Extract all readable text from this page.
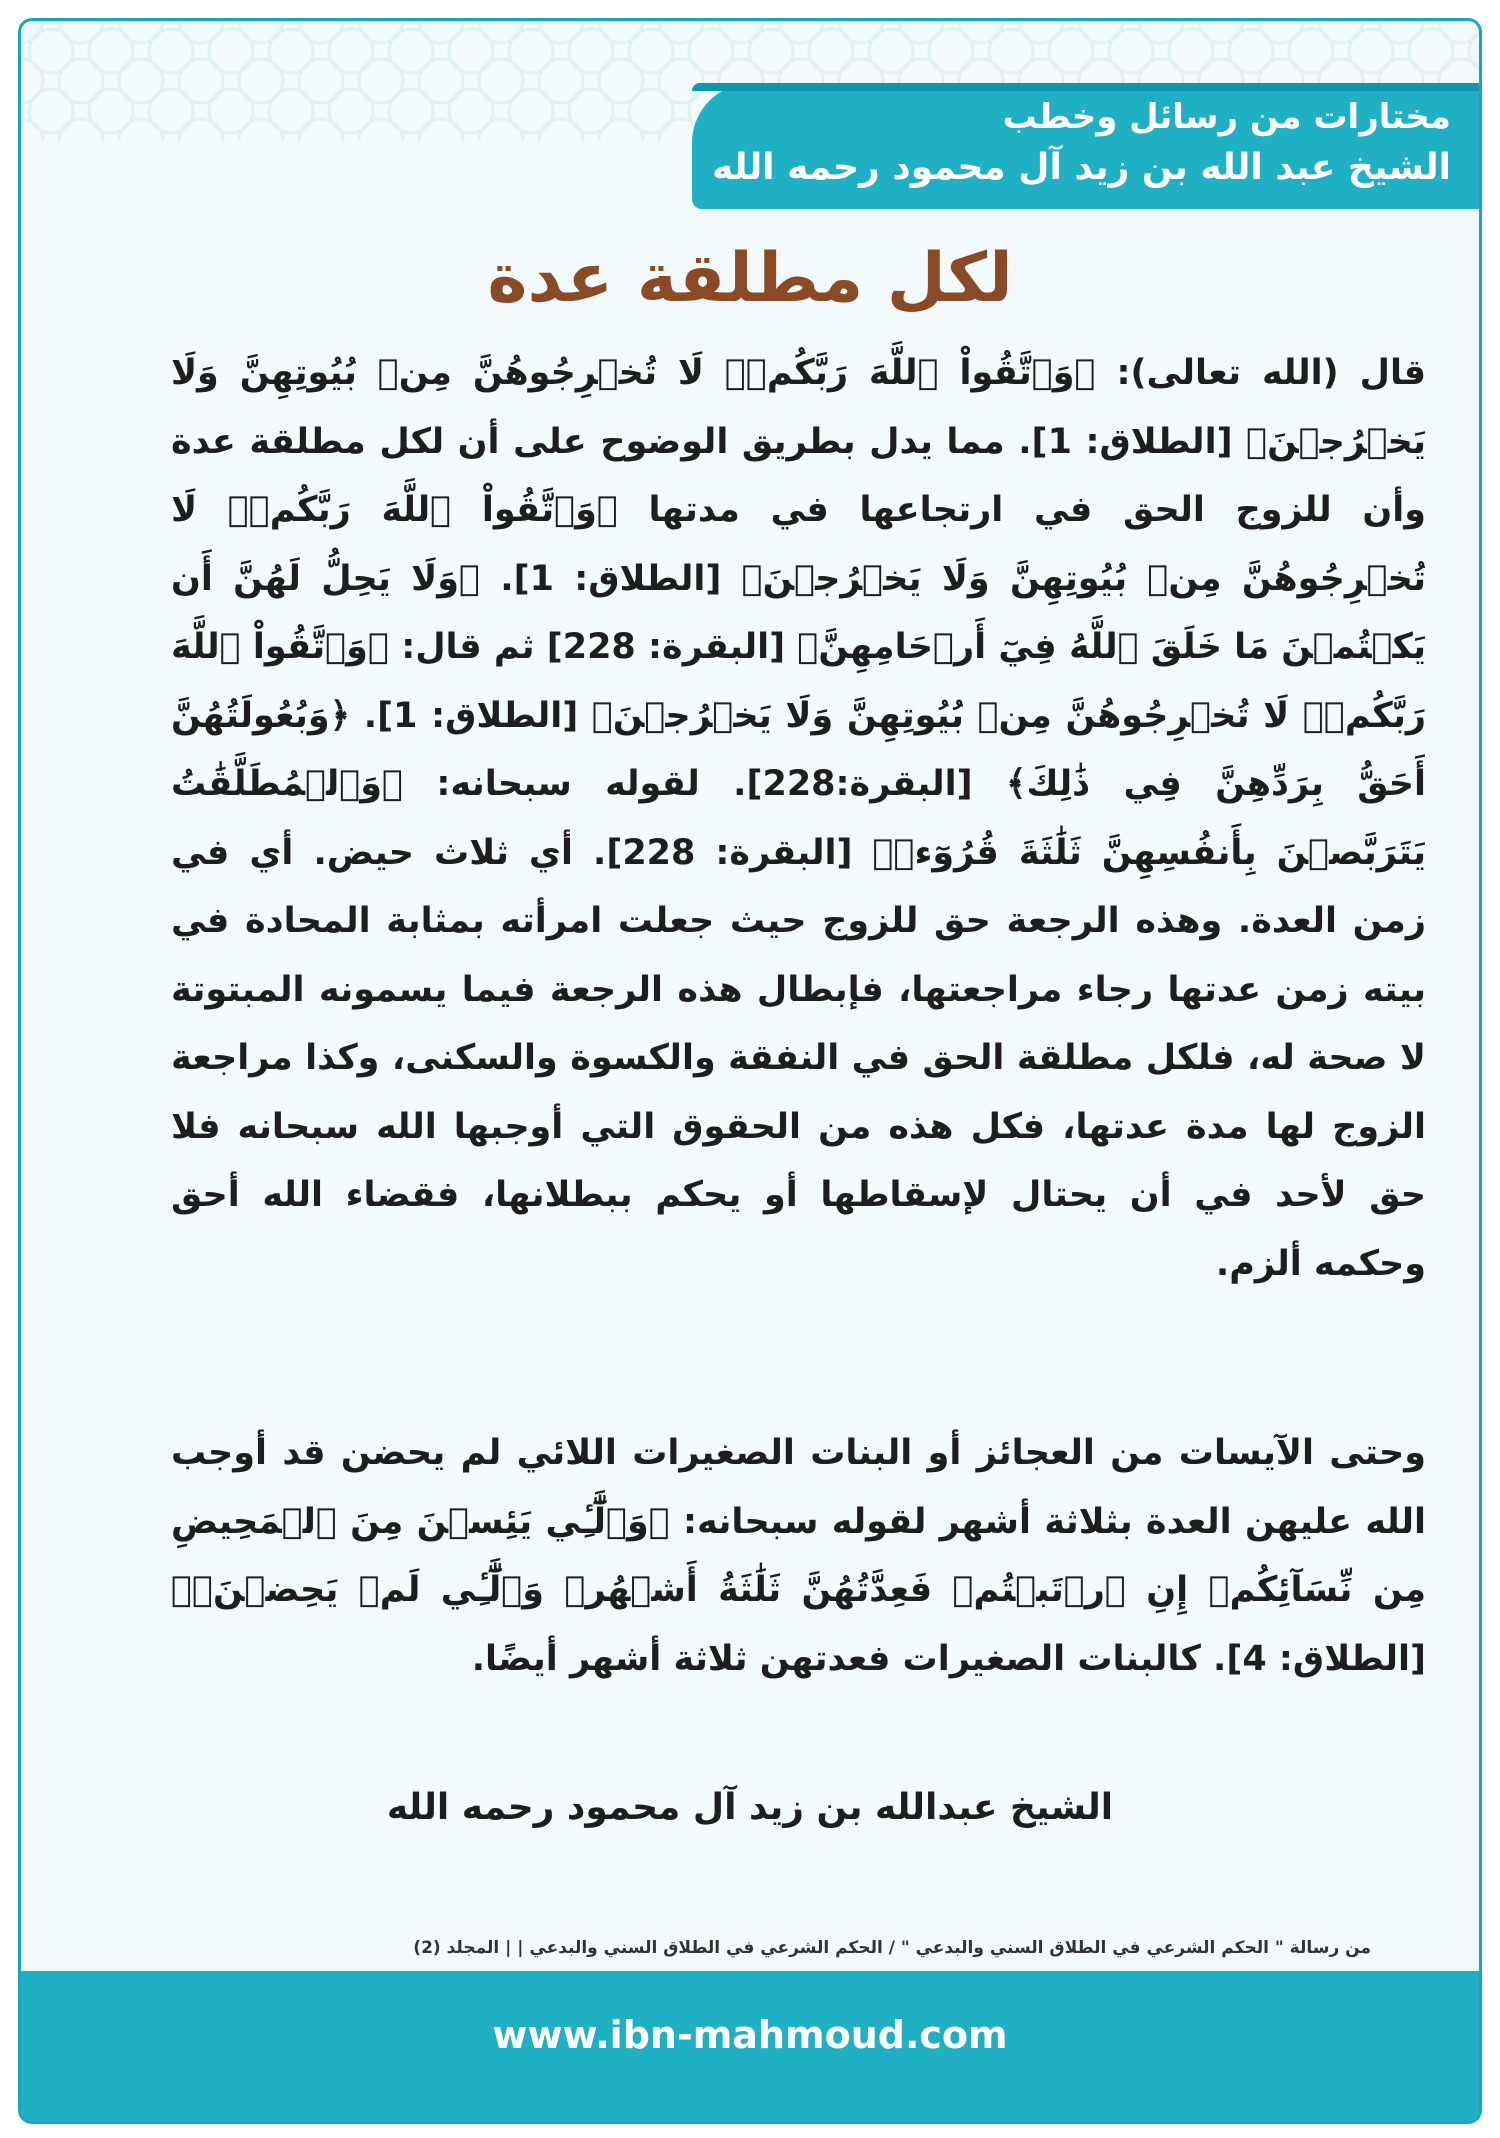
مختارات من رسائل وخطب
الشيخ عبد الله بن زيد آل محمود رحمه الله
لكل مطلقة عدة
قال (الله تعالى): ﴿وَٱتَّقُواْ ٱللَّهَ رَبَّكُمۡۖ لَا تُخۡرِجُوهُنَّ مِنۢ بُيُوتِهِنَّ وَلَا يَخۡرُجۡنَ﴾ [الطلاق: 1]. مما يدل بطريق الوضوح على أن لكل مطلقة عدة وأن للزوج الحق في ارتجاعها في مدتها ﴿وَٱتَّقُواْ ٱللَّهَ رَبَّكُمۡۖ لَا تُخۡرِجُوهُنَّ مِنۢ بُيُوتِهِنَّ وَلَا يَخۡرُجۡنَ﴾ [الطلاق: 1]. ﴿وَلَا يَحِلُّ لَهُنَّ أَن يَكۡتُمۡنَ مَا خَلَقَ ٱللَّهُ فِيٓ أَرۡحَامِهِنَّ﴾ [البقرة: 228] ثم قال: ﴿وَٱتَّقُواْ ٱللَّهَ رَبَّكُمۡۖ لَا تُخۡرِجُوهُنَّ مِنۢ بُيُوتِهِنَّ وَلَا يَخۡرُجۡنَ﴾ [الطلاق: 1]. ﴿وَبُعُولَتُهُنَّ أَحَقُّ بِرَدِّهِنَّ فِي ذَٰلِكَ﴾ [البقرة:228]. لقوله سبحانه: ﴿وَٱلۡمُطَلَّقَٰتُ يَتَرَبَّصۡنَ بِأَنفُسِهِنَّ ثَلَٰثَةَ قُرُوٓءٖ﴾ [البقرة: 228]. أي ثلاث حيض. أي في زمن العدة. وهذه الرجعة حق للزوج حيث جعلت امرأته بمثابة المحادة في بيته زمن عدتها رجاء مراجعتها، فإبطال هذه الرجعة فيما يسمونه المبتوتة لا صحة له، فلكل مطلقة الحق في النفقة والكسوة والسكنى، وكذا مراجعة الزوج لها مدة عدتها، فكل هذه من الحقوق التي أوجبها الله سبحانه فلا حق لأحد في أن يحتال لإسقاطها أو يحكم ببطلانها، فقضاء الله أحق وحكمه ألزم.
وحتى الآيسات من العجائز أو البنات الصغيرات اللائي لم يحضن قد أوجب الله عليهن العدة بثلاثة أشهر لقوله سبحانه: ﴿وَٱلَّٰٓـِٔي يَئِسۡنَ مِنَ ٱلۡمَحِيضِ مِن نِّسَآئِكُمۡ إِنِ ٱرۡتَبۡتُمۡ فَعِدَّتُهُنَّ ثَلَٰثَةُ أَشۡهُرٖ وَٱلَّٰٓـِٔي لَمۡ يَحِضۡنَۚ﴾ [الطلاق: 4]. كالبنات الصغيرات فعدتهن ثلاثة أشهر أيضًا.
الشيخ عبدالله بن زيد آل محمود رحمه الله
من رسالة " الحكم الشرعي في الطلاق السني والبدعي " / الحكم الشرعي في الطلاق السني والبدعي | | المجلد (2)
www.ibn-mahmoud.com
